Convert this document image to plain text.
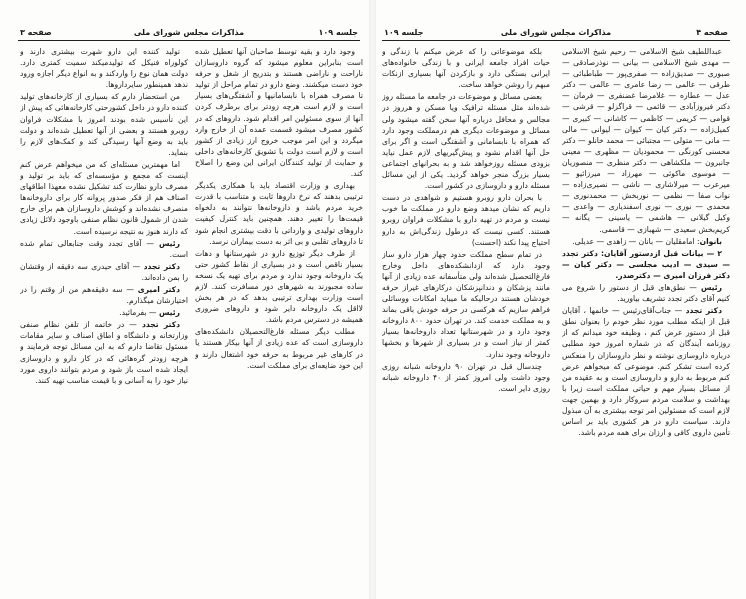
صفحه ۳	مذاکرات مجلس شورای ملی	جلسه ۱۰۹

وجود دارد و بقیه توسط صاحبان آنها تعطیل شده است بنابراین معلوم میشود که گروه داروسازان ناراحت و ناراضی هستند و بتدریج از شغل و حرفه خود دست میکشند. وضع دارو در تمام مراحل از تولید تا مصرف همراه با نابسامانیها و آشفتگی‌های بسیار است و لازم است هرچه زودتر برای برطرف کردن آنها از سوی مسئولین امر اقدام شود. داروهای که در کشور مصرف میشود قسمت عمده آن از خارج وارد میگردد و این امر موجب خروج ارز زیادی از کشور است و لازم است دولت با تشویق کارخانه‌های داخلی و حمایت از تولید کنندگان ایرانی این وضع را اصلاح کند.

بهداری و وزارت اقتصاد باید با همکاری یکدیگر ترتیبی بدهند که نرخ داروها ثابت و متناسب با قدرت خرید مردم باشد و داروخانه‌ها نتوانند به دلخواه قیمت‌ها را تغییر دهند. همچنین باید کنترل کیفیت داروهای تولیدی و وارداتی با دقت بیشتری انجام شود تا داروهای تقلبی و بی اثر به دست بیماران نرسد.

از طرف دیگر توزیع دارو در شهرستانها و دهات بسیار ناقص است و در بسیاری از نقاط کشور حتی یک داروخانه وجود ندارد و مردم برای تهیه یک نسخه ساده مجبورند به شهرهای دور مسافرت کنند. لازم است وزارت بهداری ترتیبی بدهد که در هر بخش لااقل یک داروخانه دایر شود و داروهای ضروری همیشه در دسترس مردم باشد.

مطلب دیگر مسئله فارغ‌التحصیلان دانشکده‌های داروسازی است که عده زیادی از آنها بیکار هستند یا در کارهای غیر مربوط به حرفه خود اشتغال دارند و این خود ضایعه‌ای برای مملکت است.

تولید کننده این دارو شهرت بیشتری دارند و کولوراه فنیکل که تولیدمیکند سمیت کمتری دارد. دولت همان نوع را واردکند و به انواع دیگر اجازه ورود ندهد همینطور سایرداروها.

من استحضار دارم که بسیاری از کارخانه‌های تولید کننده دارو در داخل کشورحتی کارخانه‌هائی که پیش از این تأسیس شده بودند امروز با مشکلات فراوان روبرو هستند و بعضی از آنها تعطیل شده‌اند و دولت باید به وضع آنها رسیدگی کند و کمک‌های لازم را بنماید.

اما مهمترین مسئله‌ای که من میخواهم عرض کنم اینست که مجمع و مؤسسه‌ای که باید بر تولید و مصرف دارو نظارت کند تشکیل نشده معهذا اطاقهای اصناف هم از فکر صدور پروانه کار برای داروخانه‌ها منصرف نشده‌اند و کوشش داروسازان هم برای خارج شدن از شمول قانون نظام صنفی باوجود دلائل زیادی که دارند هنوز به نتیجه نرسیده است.

رئیس — آقای تجدد وقت جنابعالی تمام شده است.

دکتر تجدد — آقای حیدری سه دقیقه از وقتشان را بمن داده‌اند.

دکتر امیری — سه دقیقه‌هم من از وقتم را در اختیارشان میگذارم.

رئیس — بفرمائید.

دکتر تجدد — در خاتمه از تلفن نظام صنفی وزارتخانه و دانشگاه و اطاق اصناف و سایر مقامات مسئول تقاضا دارم که به این مسائل توجه فرمایند و هرچه زودتر گره‌هائی که در کار دارو و داروسازی ایجاد شده است باز شود و مردم بتوانند داروی مورد نیاز خود را به آسانی و با قیمت مناسب تهیه کنند.

جلسه ۱۰۹	مذاکرات مجلس شورای ملی	صفحه ۴

عبداللطیف شیخ الاسلامی — رحیم شیخ الاسلامی — مهدی شیخ الاسلامی — بیانی — نوذرصادقی — صبوری — صدیق‌زاده — صفری‌پور — طباطبائی — طرقی — عالمی — رضا عامری — عالمی — دکتر عدل — عطاره — غلامرضا غضنفری — فرمان — دکتر فیروزآبادی — قائمی — قراگزلو — قرشی — قوامی — کریمی — کاظمی — کاشانی — کبیری — کمیل‌زاده — دکتر کیان — کیوان — لیوانی — مالی — مانی — متولی — مجتبائی — محمد خانلو — دکتر محسنی کورنگی — محمودیان — مظهری — معینی جانبرون — ملکشاهی — دکتر منظری — منصوریان — موسوی ماکوئی — مهرزاد — میرزائیو — میرعرب — میرلاشاری — ناشی — نصیری‌زاده — نواب صفا — نظمی — نوربخش — محمدنوری — محمدی — نوری — نوری اسفندیاری — واعدی — وکیل گیلانی — هاشمی — یاسینی — یگانه — کریم‌بخش سعیدی — شهبازی — قاسمی.

بانوان: امامقلیان — بانان — زاهدی — عدیلی.

۲ — بیانات قبل ازدستور آقایان: دکتر تجدد — سیدی — ادیب مجلسی — دکتر کیان — دکتر فرزان امیری — دکترصدر.

رئیس — نطق‌های قبل از دستور را شروع می کنیم آقای دکتر تجدد تشریف بیاورید.

دکتر تجدد — جناب‌آقای‌رئیس — خانمها ، آقایان قبل از اینکه مطلب مورد نظر خودم را بعنوان نطق قبل از دستور عرض کنم ، وظیفه خود میدانم که از روزنامه آیندگان که در شماره امروز خود مطلبی درباره داروسازی نوشته و نظر داروسازان را منعکس کرده است تشکر کنم. موضوعی که میخواهم عرض کنم مربوط به دارو و داروسازی است و به عقیده من از مسائل بسیار مهم و حیاتی مملکت است زیرا با بهداشت و سلامت مردم سروکار دارد و بهمین جهت لازم است که مسئولین امر توجه بیشتری به آن مبذول دارند. سیاست دارو در هر کشوری باید بر اساس تأمین داروی کافی و ارزان برای همه مردم باشد.

بلکه موضوعاتی را که عرض میکنم با زندگی و حیات افراد جامعه ایرانی و با زندگی خانواده‌های ایرانی بستگی دارد و بازکردن آنها بسیاری ازنکات مبهم را روشن خواهد ساخت.

بعضی مسائل و موضوعات در جامعه ما مسئله روز شده‌اند مثل مسئله ترافیک ویا مسکن و هرروز در مجالس و محافل درباره آنها سخن گفته میشود ولی مسائل و موضوعات دیگری هم درمملکت وجود دارد که همراه با نابسامانی و آشفتگی است و اگر برای حل آنها اقدام نشود و پیش‌گیریهای لازم عمل نیاید بزودی مسئله روزخواهد شد و به بحرانهای اجتماعی بسیار بزرگ منجر خواهد گردید. یکی از این مسائل مسئله دارو و داروسازی در کشور است.

با بحران دارو روبرو هستیم و شواهدی در دست داریم که نشان میدهد وضع دارو در مملکت ما خوب نیست و مردم در تهیه دارو با مشکلات فراوان روبرو هستند. کسی نیست که درطول زندگی‌اش به دارو احتیاج پیدا نکند (احسنت)

در تمام سطح مملکت حدود چهار هزار دارو ساز وجود دارد که ازدانشکده‌های داخل وخارج فارغ‌التحصیل شده‌اند ولی متأسفانه عده زیادی از آنها مانند پزشکان و دندانپزشکان درکارهای غیراز حرفه خودشان هستند درحالیکه ما میباید امکانات ووسائلی فراهم سازیم که هرکسی در حرفه خودش باقی بماند و به مملکت خدمت کند. در تهران حدود ۸۰۰ داروخانه وجود دارد و در شهرستانها تعداد داروخانه‌ها بسیار کمتر از نیاز است و در بسیاری از شهرها و بخشها داروخانه وجود ندارد.

چندسال قبل در تهران ۹۰ داروخانه شبانه روزی وجود داشت ولی امروز کمتر از ۴۰ داروخانه شبانه روزی دایر است.
